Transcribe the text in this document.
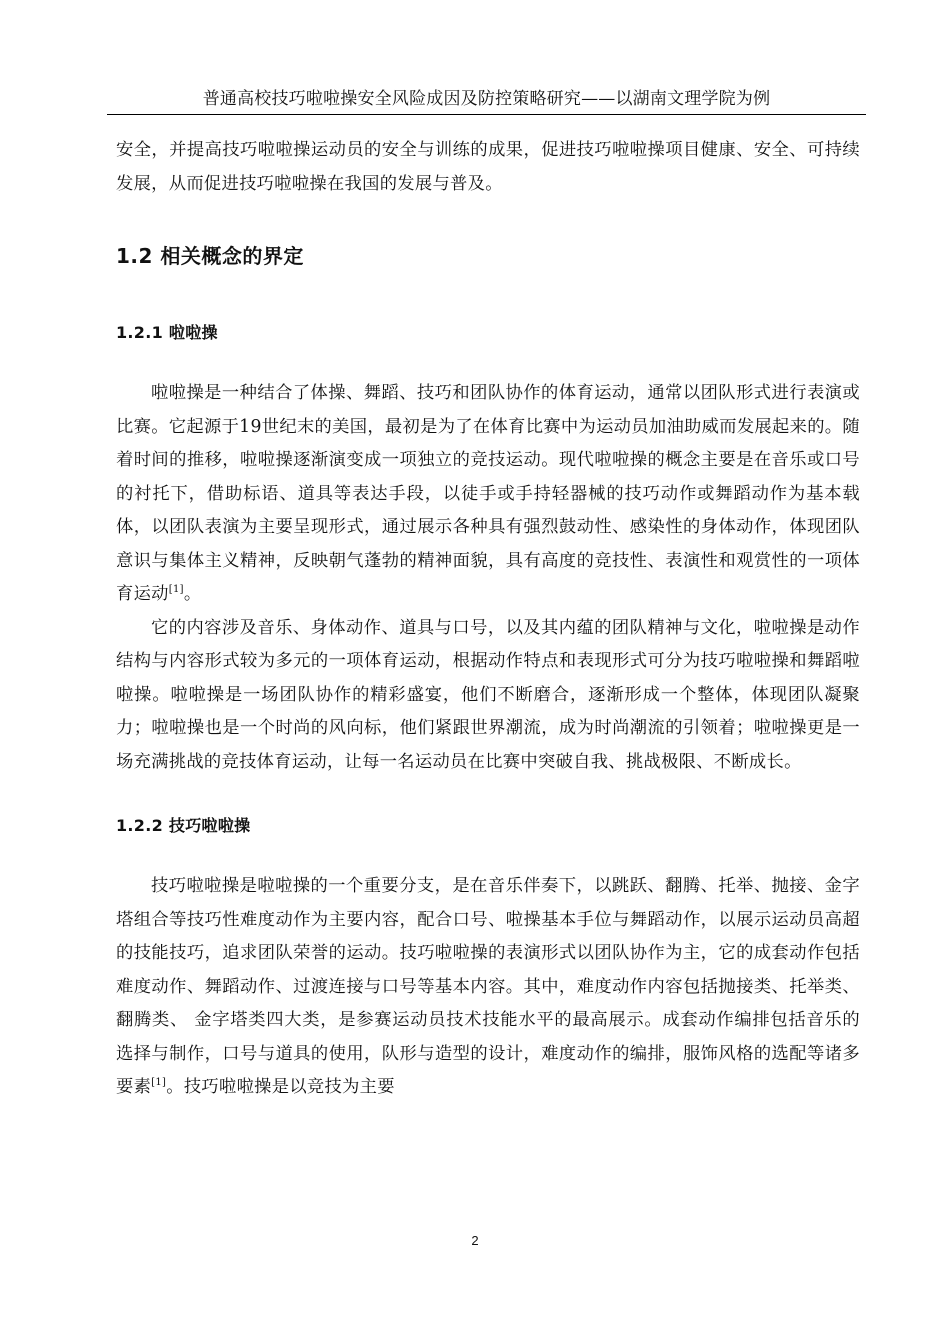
普通高校技巧啦啦操安全风险成因及防控策略研究——以湖南文理学院为例

安全，并提高技巧啦啦操运动员的安全与训练的成果，促进技巧啦啦操项目健康、安全、可持续发展，从而促进技巧啦啦操在我国的发展与普及。

1.2 相关概念的界定
1.2.1 啦啦操

啦啦操是一种结合了体操、舞蹈、技巧和团队协作的体育运动，通常以团队形式进行表演或比赛。它起源于19世纪末的美国，最初是为了在体育比赛中为运动员加油助威而发展起来的。随着时间的推移，啦啦操逐渐演变成一项独立的竞技运动。现代啦啦操的概念主要是在音乐或口号的衬托下，借助标语、道具等表达手段，以徒手或手持轻器械的技巧动作或舞蹈动作为基本载体，以团队表演为主要呈现形式，通过展示各种具有强烈鼓动性、感染性的身体动作，体现团队意识与集体主义精神，反映朝气蓬勃的精神面貌，具有高度的竞技性、表演性和观赏性的一项体育运动[1]。

它的内容涉及音乐、身体动作、道具与口号，以及其内蕴的团队精神与文化，啦啦操是动作结构与内容形式较为多元的一项体育运动，根据动作特点和表现形式可分为技巧啦啦操和舞蹈啦啦操。啦啦操是一场团队协作的精彩盛宴，他们不断磨合，逐渐形成一个整体，体现团队凝聚力；啦啦操也是一个时尚的风向标，他们紧跟世界潮流，成为时尚潮流的引领着；啦啦操更是一场充满挑战的竞技体育运动，让每一名运动员在比赛中突破自我、挑战极限、不断成长。

1.2.2 技巧啦啦操

技巧啦啦操是啦啦操的一个重要分支，是在音乐伴奏下，以跳跃、翻腾、托举、抛接、金字塔组合等技巧性难度动作为主要内容，配合口号、啦操基本手位与舞蹈动作，以展示运动员高超的技能技巧，追求团队荣誉的运动。技巧啦啦操的表演形式以团队协作为主，它的成套动作包括难度动作、舞蹈动作、过渡连接与口号等基本内容。其中，难度动作内容包括抛接类、托举类、翻腾类、 金字塔类四大类，是参赛运动员技术技能水平的最高展示。成套动作编排包括音乐的选择与制作，口号与道具的使用，队形与造型的设计，难度动作的编排，服饰风格的选配等诸多要素[1]。技巧啦啦操是以竞技为主要

2
